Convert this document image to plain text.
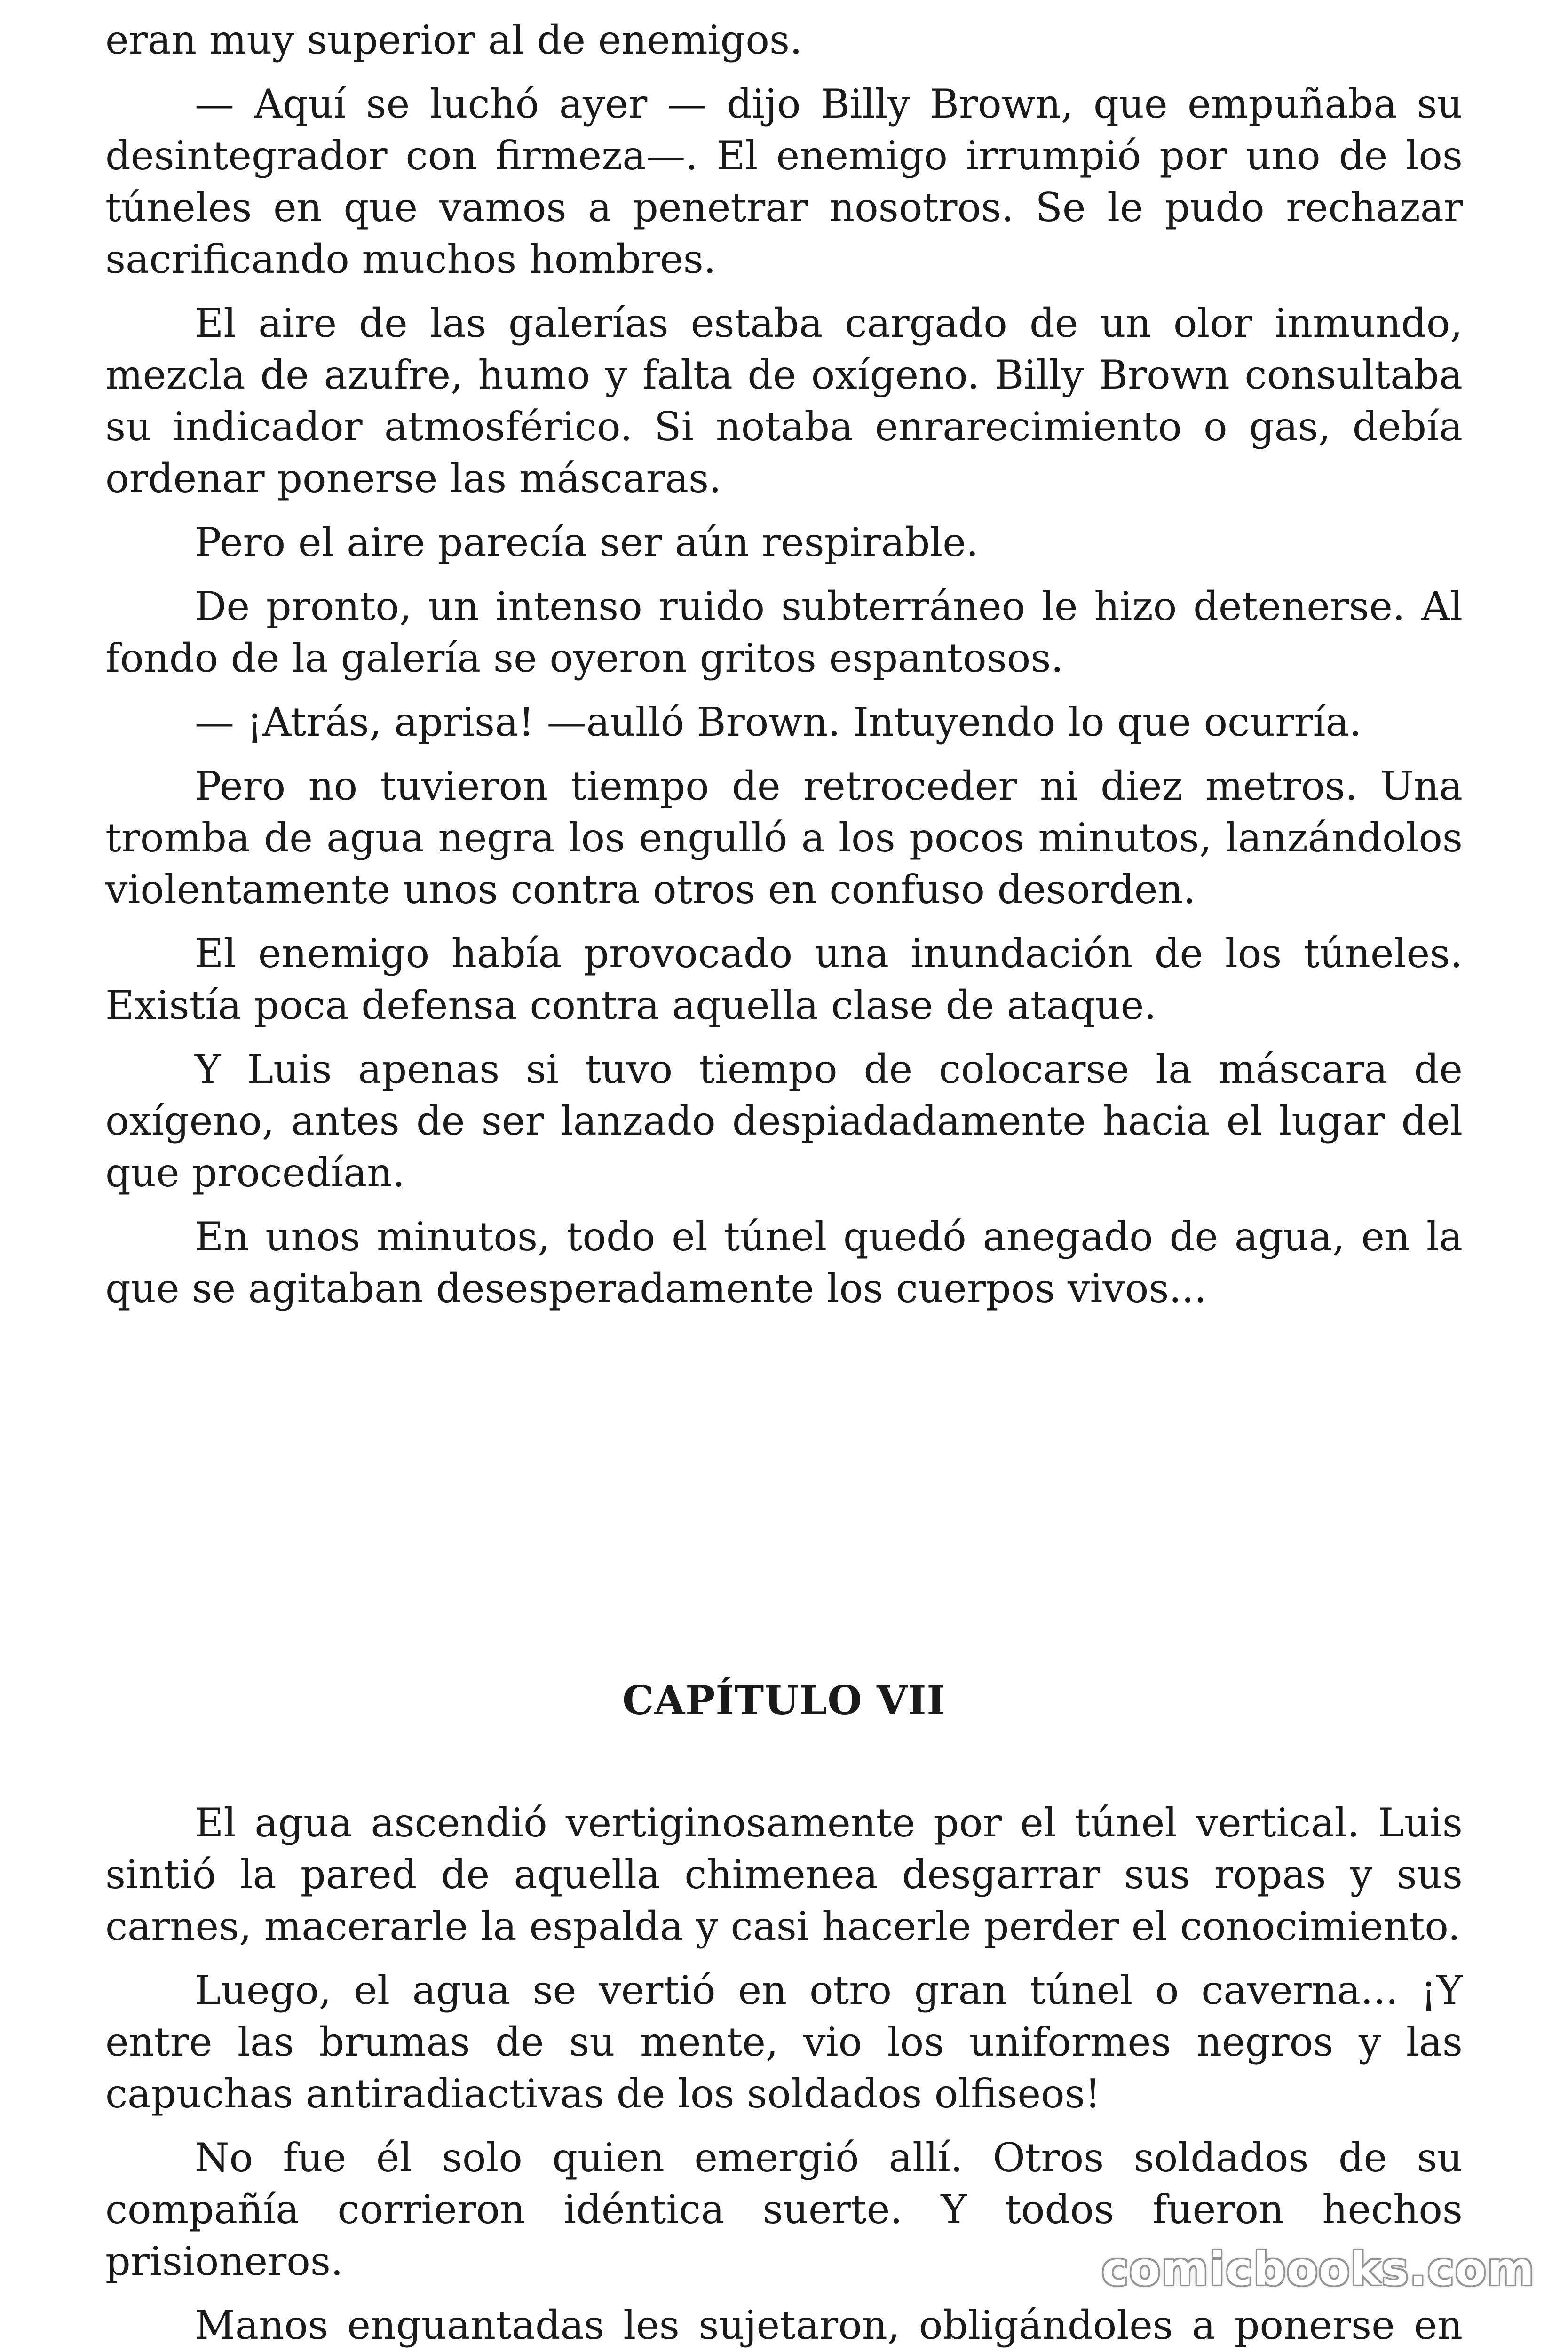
eran muy superior al de enemigos.

— Aquí se luchó ayer — dijo Billy Brown, que empuñaba su desintegrador con firmeza—. El enemigo irrumpió por uno de los túneles en que vamos a penetrar nosotros. Se le pudo rechazar sacrificando muchos hombres.

El aire de las galerías estaba cargado de un olor inmundo, mezcla de azufre, humo y falta de oxígeno. Billy Brown consultaba su indicador atmosférico. Si notaba enrarecimiento o gas, debía ordenar ponerse las máscaras.

Pero el aire parecía ser aún respirable.

De pronto, un intenso ruido subterráneo le hizo detenerse. Al fondo de la galería se oyeron gritos espantosos.

— ¡Atrás, aprisa! —aulló Brown. Intuyendo lo que ocurría.

Pero no tuvieron tiempo de retroceder ni diez metros. Una tromba de agua negra los engulló a los pocos minutos, lanzándolos violentamente unos contra otros en confuso desorden.

El enemigo había provocado una inundación de los túneles. Existía poca defensa contra aquella clase de ataque.

Y Luis apenas si tuvo tiempo de colocarse la máscara de oxígeno, antes de ser lanzado despiadadamente hacia el lugar del que procedían.

En unos minutos, todo el túnel quedó anegado de agua, en la que se agitaban desesperadamente los cuerpos vivos...

CAPÍTULO VII

El agua ascendió vertiginosamente por el túnel vertical. Luis sintió la pared de aquella chimenea desgarrar sus ropas y sus carnes, macerarle la espalda y casi hacerle perder el conocimiento.

Luego, el agua se vertió en otro gran túnel o caverna... ¡Y entre las brumas de su mente, vio los uniformes negros y las capuchas antiradiactivas de los soldados olfiseos!

No fue él solo quien emergió allí. Otros soldados de su compañía corrieron idéntica suerte. Y todos fueron hechos prisioneros.

Manos enguantadas les sujetaron, obligándoles a ponerse en

comicbooks.com
